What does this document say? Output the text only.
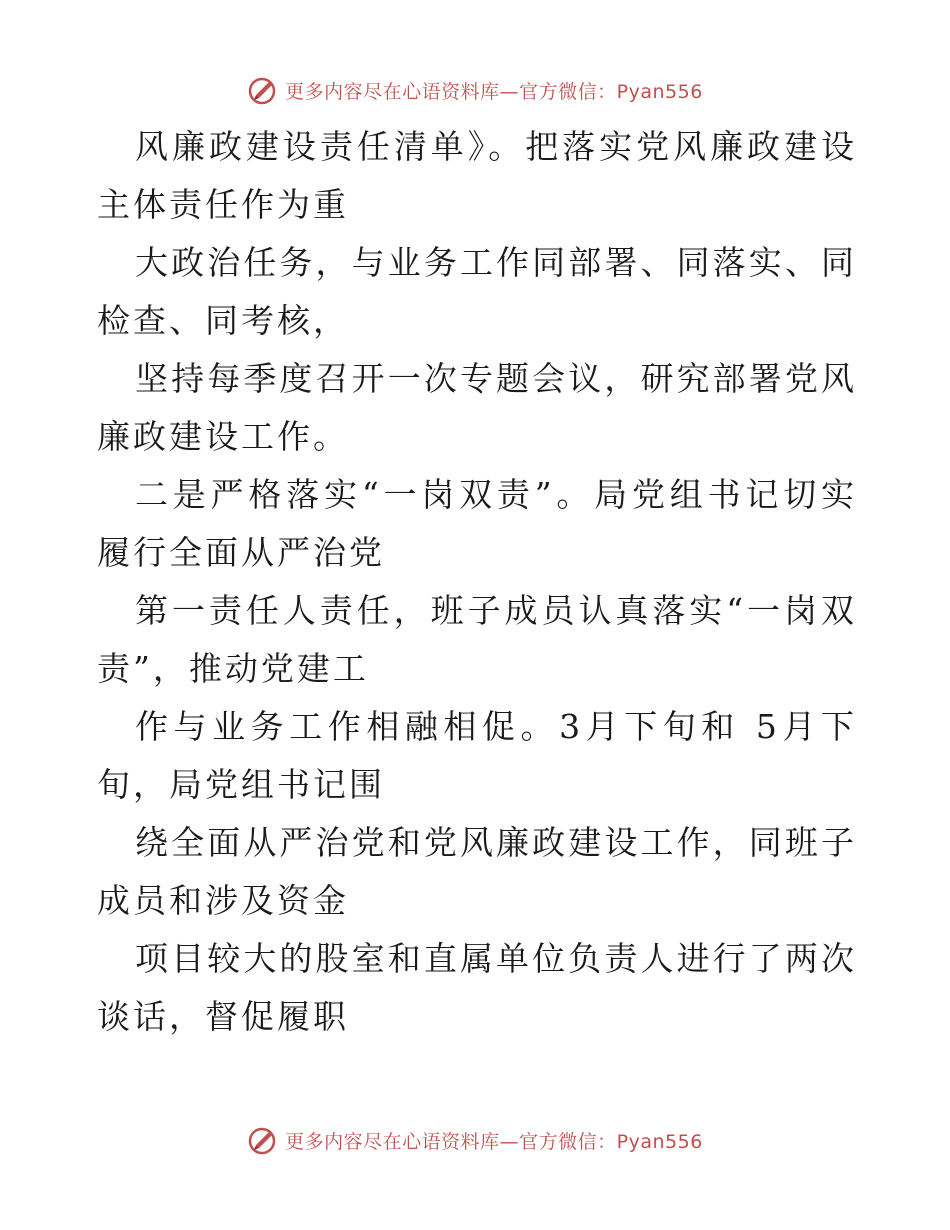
更多内容尽在心语资料库—官方微信：Pyan556

风廉政建设责任清单》。把落实党风廉政建设主体责任作为重

大政治任务，与业务工作同部署、同落实、同检查、同考核，

坚持每季度召开一次专题会议，研究部署党风廉政建设工作。

二是严格落实“一岗双责”。局党组书记切实履行全面从严治党

第一责任人责任，班子成员认真落实“一岗双责”，推动党建工

作与业务工作相融相促。3月下旬和 5月下旬，局党组书记围

绕全面从严治党和党风廉政建设工作，同班子成员和涉及资金

项目较大的股室和直属单位负责人进行了两次谈话，督促履职

更多内容尽在心语资料库—官方微信：Pyan556
